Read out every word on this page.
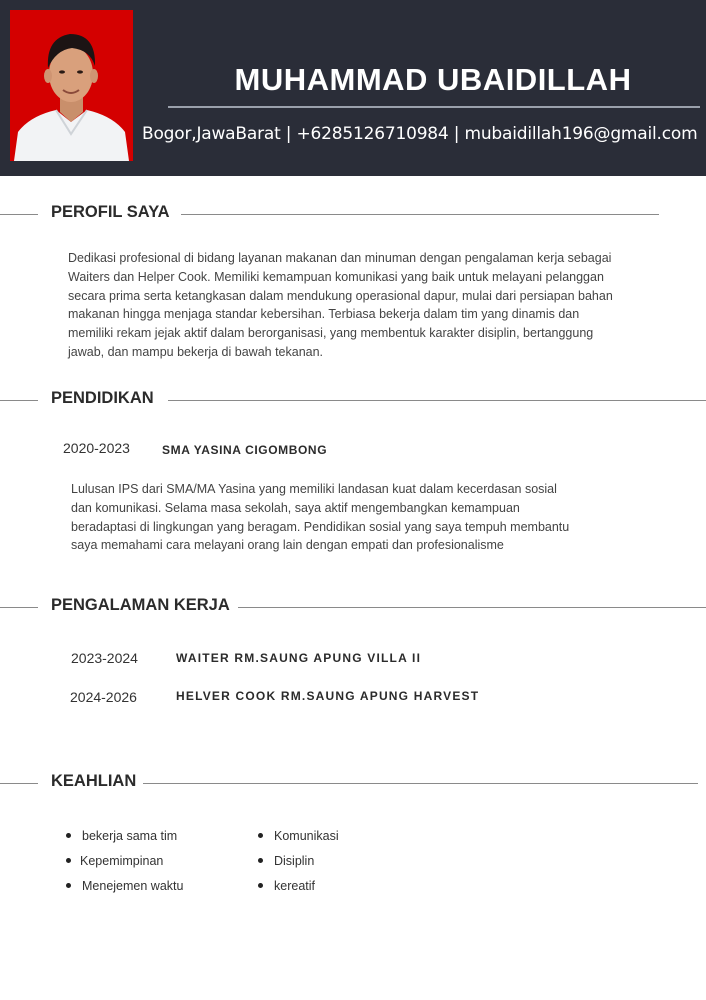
MUHAMMAD UBAIDILLAH
Bogor,JawaBarat | +6285126710984 | mubaidillah196@gmail.com
PEROFIL SAYA
Dedikasi profesional di bidang layanan makanan dan minuman dengan pengalaman kerja sebagai
Waiters dan Helper Cook. Memiliki kemampuan komunikasi yang baik untuk melayani pelanggan
secara prima serta ketangkasan dalam mendukung operasional dapur, mulai dari persiapan bahan
makanan hingga menjaga standar kebersihan. Terbiasa bekerja dalam tim yang dinamis dan
memiliki rekam jejak aktif dalam berorganisasi, yang membentuk karakter disiplin, bertanggung
jawab, dan mampu bekerja di bawah tekanan.
PENDIDIKAN
2020-2023	SMA YASINA CIGOMBONG
Lulusan IPS dari SMA/MA Yasina yang memiliki landasan kuat dalam kecerdasan sosial
dan komunikasi. Selama masa sekolah, saya aktif mengembangkan kemampuan
beradaptasi di lingkungan yang beragam. Pendidikan sosial yang saya tempuh membantu
saya memahami cara melayani orang lain dengan empati dan profesionalisme
PENGALAMAN KERJA
2023-2024	WAITER RM.SAUNG APUNG VILLA II
2024-2026	HELVER COOK RM.SAUNG APUNG HARVEST
KEAHLIAN
bekerja sama tim
Kepemimpinan
Menejemen waktu
Komunikasi
Disiplin
kereatif
